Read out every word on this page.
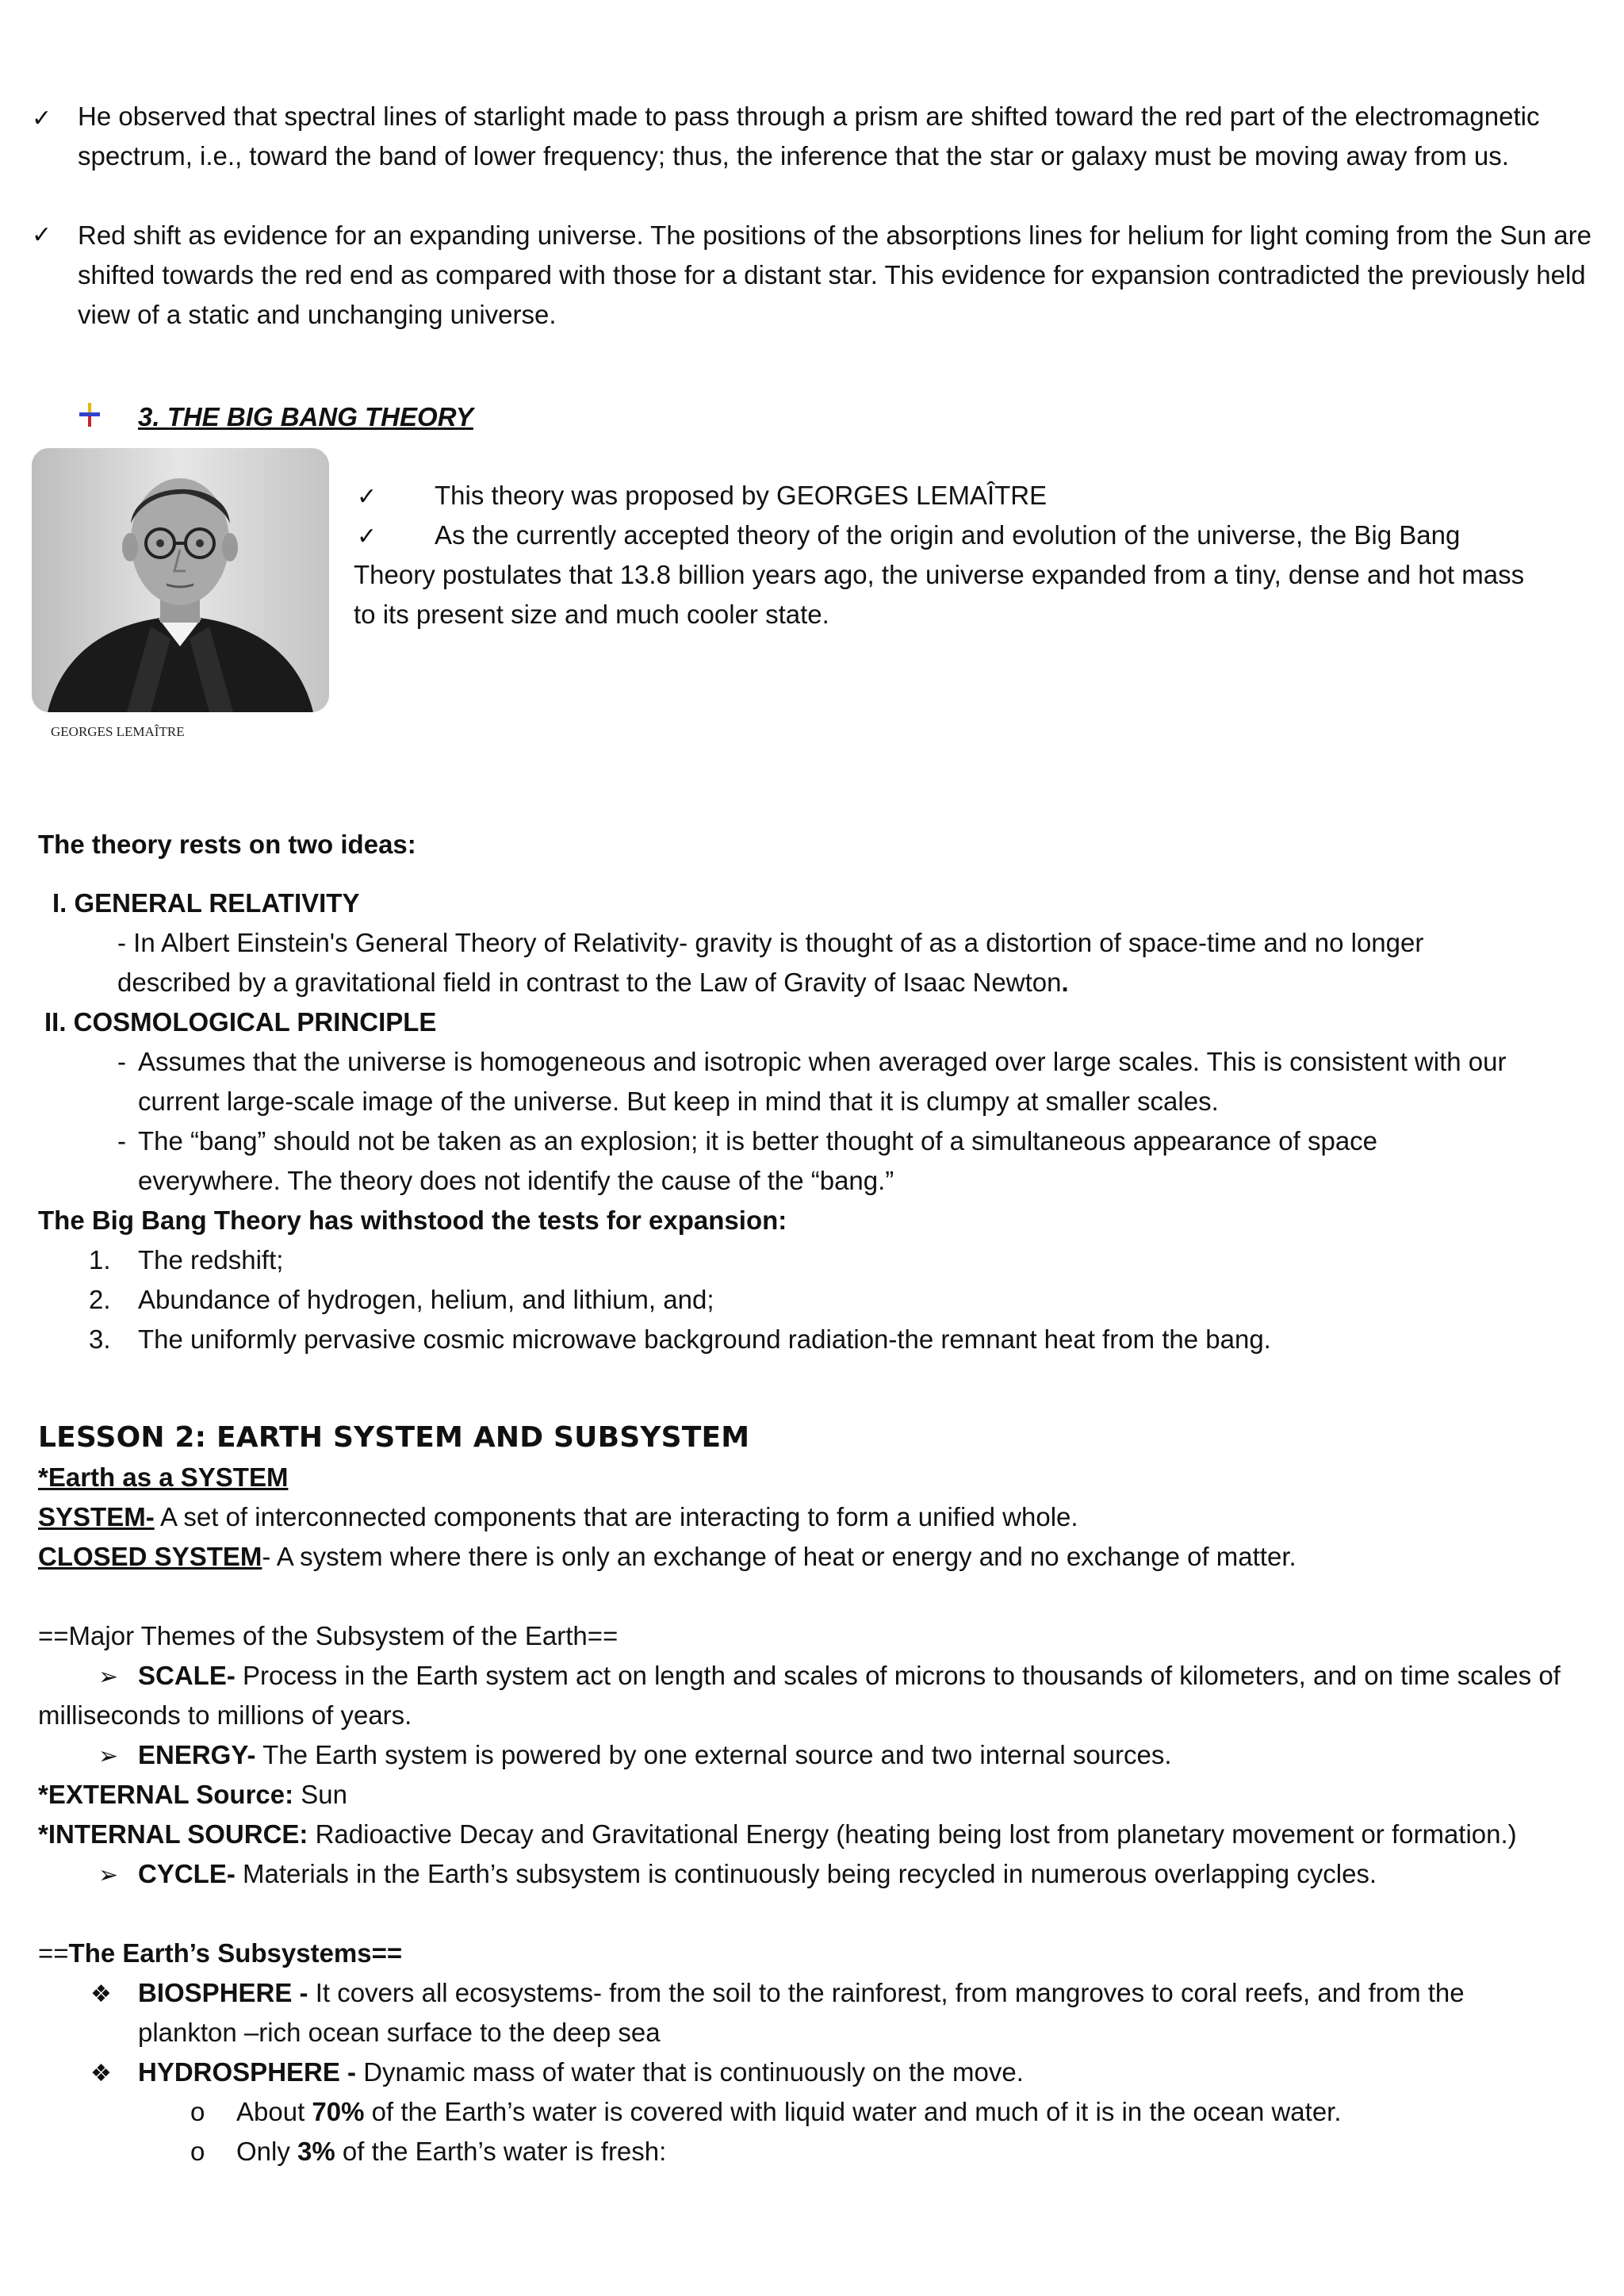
✓ He observed that spectral lines of starlight made to pass through a prism are shifted toward the red part of the electromagnetic spectrum, i.e., toward the band of lower frequency; thus, the inference that the star or galaxy must be moving away from us.
✓ Red shift as evidence for an expanding universe. The positions of the absorptions lines for helium for light coming from the Sun are shifted towards the red end as compared with those for a distant star. This evidence for expansion contradicted the previously held view of a static and unchanging universe.
3. THE BIG BANG THEORY
GEORGES LEMAÎTRE
✓ This theory was proposed by GEORGES LEMAÎTRE
✓ As the currently accepted theory of the origin and evolution of the universe, the Big Bang
Theory postulates that 13.8 billion years ago, the universe expanded from a tiny, dense and hot mass
to its present size and much cooler state.
The theory rests on two ideas:
I. GENERAL RELATIVITY
- In Albert Einstein's General Theory of Relativity- gravity is thought of as a distortion of space-time and no longer
described by a gravitational field in contrast to the Law of Gravity of Isaac Newton.
II. COSMOLOGICAL PRINCIPLE
- Assumes that the universe is homogeneous and isotropic when averaged over large scales. This is consistent with our
current large-scale image of the universe. But keep in mind that it is clumpy at smaller scales.
- The “bang” should not be taken as an explosion; it is better thought of a simultaneous appearance of space
everywhere. The theory does not identify the cause of the “bang.”
The Big Bang Theory has withstood the tests for expansion:
1. The redshift;
2. Abundance of hydrogen, helium, and lithium, and;
3. The uniformly pervasive cosmic microwave background radiation-the remnant heat from the bang.
LESSON 2: EARTH SYSTEM AND SUBSYSTEM
*Earth as a SYSTEM
SYSTEM- A set of interconnected components that are interacting to form a unified whole.
CLOSED SYSTEM- A system where there is only an exchange of heat or energy and no exchange of matter.
==Major Themes of the Subsystem of the Earth==
➢ SCALE- Process in the Earth system act on length and scales of microns to thousands of kilometers, and on time scales of
milliseconds to millions of years.
➢ ENERGY- The Earth system is powered by one external source and two internal sources.
*EXTERNAL Source: Sun
*INTERNAL SOURCE: Radioactive Decay and Gravitational Energy (heating being lost from planetary movement or formation.)
➢ CYCLE- Materials in the Earth’s subsystem is continuously being recycled in numerous overlapping cycles.
==The Earth’s Subsystems==
❖ BIOSPHERE - It covers all ecosystems- from the soil to the rainforest, from mangroves to coral reefs, and from the
plankton –rich ocean surface to the deep sea
❖ HYDROSPHERE - Dynamic mass of water that is continuously on the move.
o About 70% of the Earth’s water is covered with liquid water and much of it is in the ocean water.
o Only 3% of the Earth’s water is fresh:
